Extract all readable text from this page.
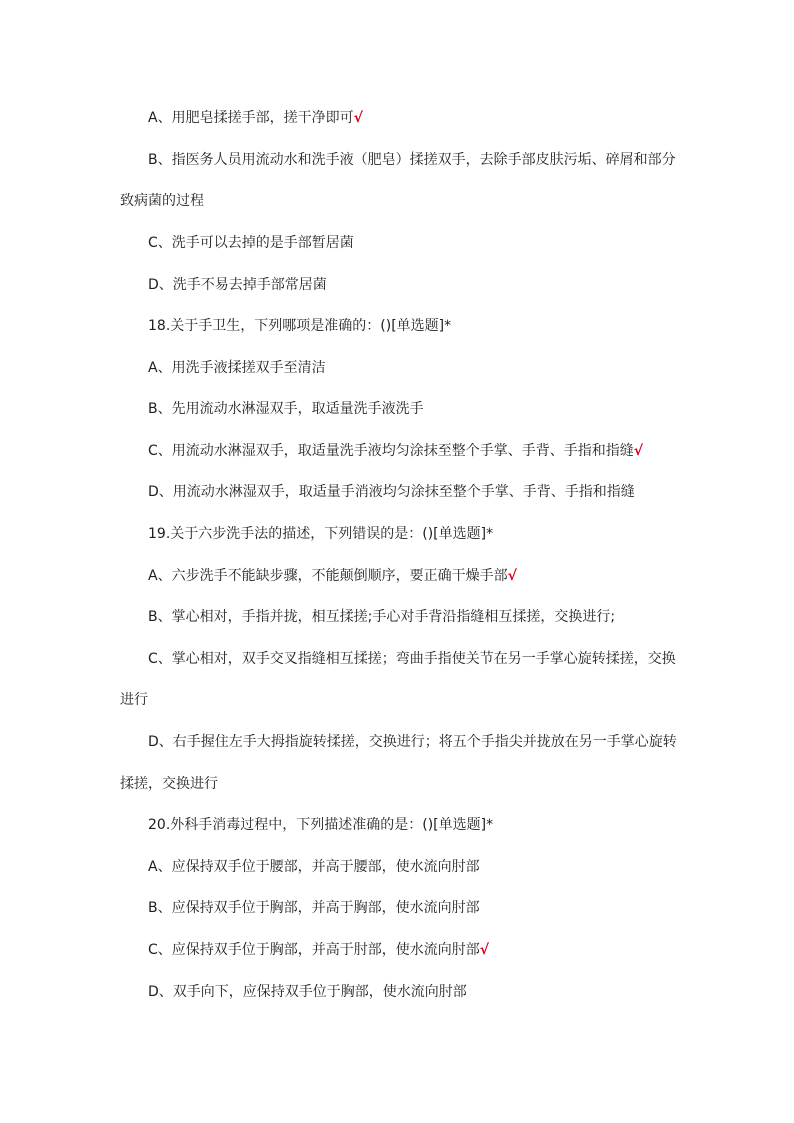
A、用肥皂揉搓手部，搓干净即可√
B、指医务人员用流动水和洗手液（肥皂）揉搓双手，去除手部皮肤污垢、碎屑和部分
致病菌的过程
C、洗手可以去掉的是手部暂居菌
D、洗手不易去掉手部常居菌
18.关于手卫生，下列哪项是准确的：()[单选题]*
A、用洗手液揉搓双手至清洁
B、先用流动水淋湿双手，取适量洗手液洗手
C、用流动水淋湿双手，取适量洗手液均匀涂抹至整个手掌、手背、手指和指缝√
D、用流动水淋湿双手，取适量手消液均匀涂抹至整个手掌、手背、手指和指缝
19.关于六步洗手法的描述，下列错误的是：()[单选题]*
A、六步洗手不能缺步骤，不能颠倒顺序，要正确干燥手部√
B、掌心相对，手指并拢，相互揉搓;手心对手背沿指缝相互揉搓，交换进行;
C、掌心相对，双手交叉指缝相互揉搓；弯曲手指使关节在另一手掌心旋转揉搓，交换
进行
D、右手握住左手大拇指旋转揉搓，交换进行；将五个手指尖并拢放在另一手掌心旋转
揉搓，交换进行
20.外科手消毒过程中，下列描述准确的是：()[单选题]*
A、应保持双手位于腰部，并高于腰部，使水流向肘部
B、应保持双手位于胸部，并高于胸部，使水流向肘部
C、应保持双手位于胸部，并高于肘部，使水流向肘部√
D、双手向下，应保持双手位于胸部，使水流向肘部
